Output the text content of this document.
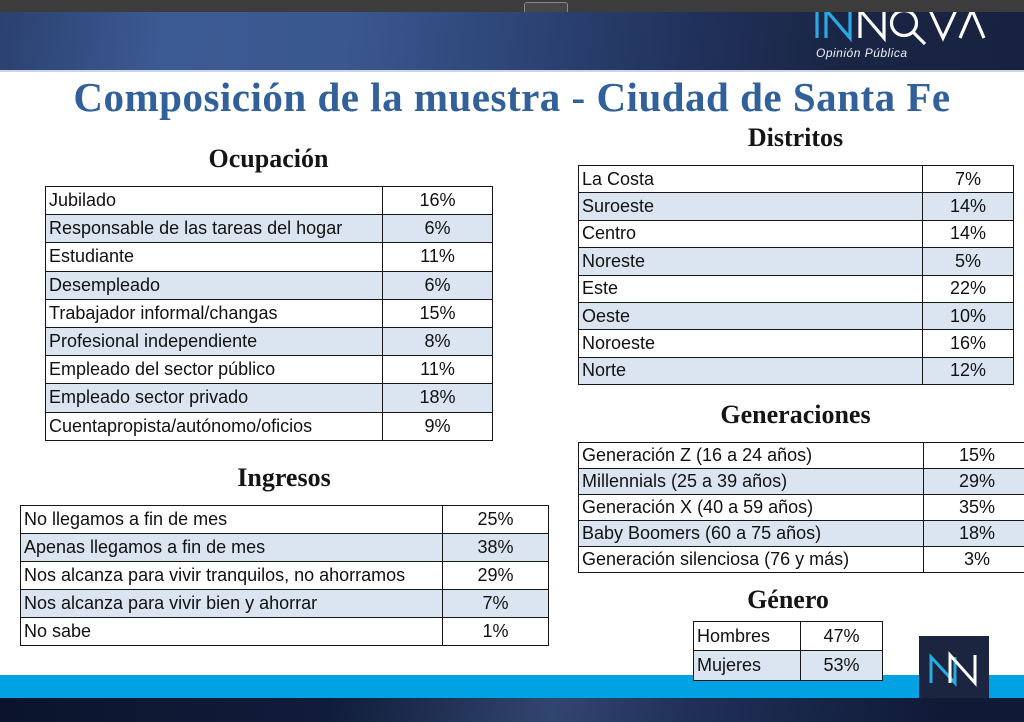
Opinión Pública
Composición de la muestra - Ciudad de Santa Fe
Ocupación
Jubilado	16%
Responsable de las tareas del hogar	6%
Estudiante	11%
Desempleado	6%
Trabajador informal/changas	15%
Profesional independiente	8%
Empleado del sector público	11%
Empleado sector privado	18%
Cuentapropista/autónomo/oficios	9%
Ingresos
No llegamos a fin de mes	25%
Apenas llegamos a fin de mes	38%
Nos alcanza para vivir tranquilos, no ahorramos	29%
Nos alcanza para vivir bien y ahorrar	7%
No sabe	1%
Distritos
La Costa	7%
Suroeste	14%
Centro	14%
Noreste	5%
Este	22%
Oeste	10%
Noroeste	16%
Norte	12%
Generaciones
Generación Z (16 a 24 años)	15%
Millennials (25 a 39 años)	29%
Generación X (40 a 59 años)	35%
Baby Boomers (60 a 75 años)	18%
Generación silenciosa (76 y más)	3%
Género
Hombres	47%
Mujeres	53%
